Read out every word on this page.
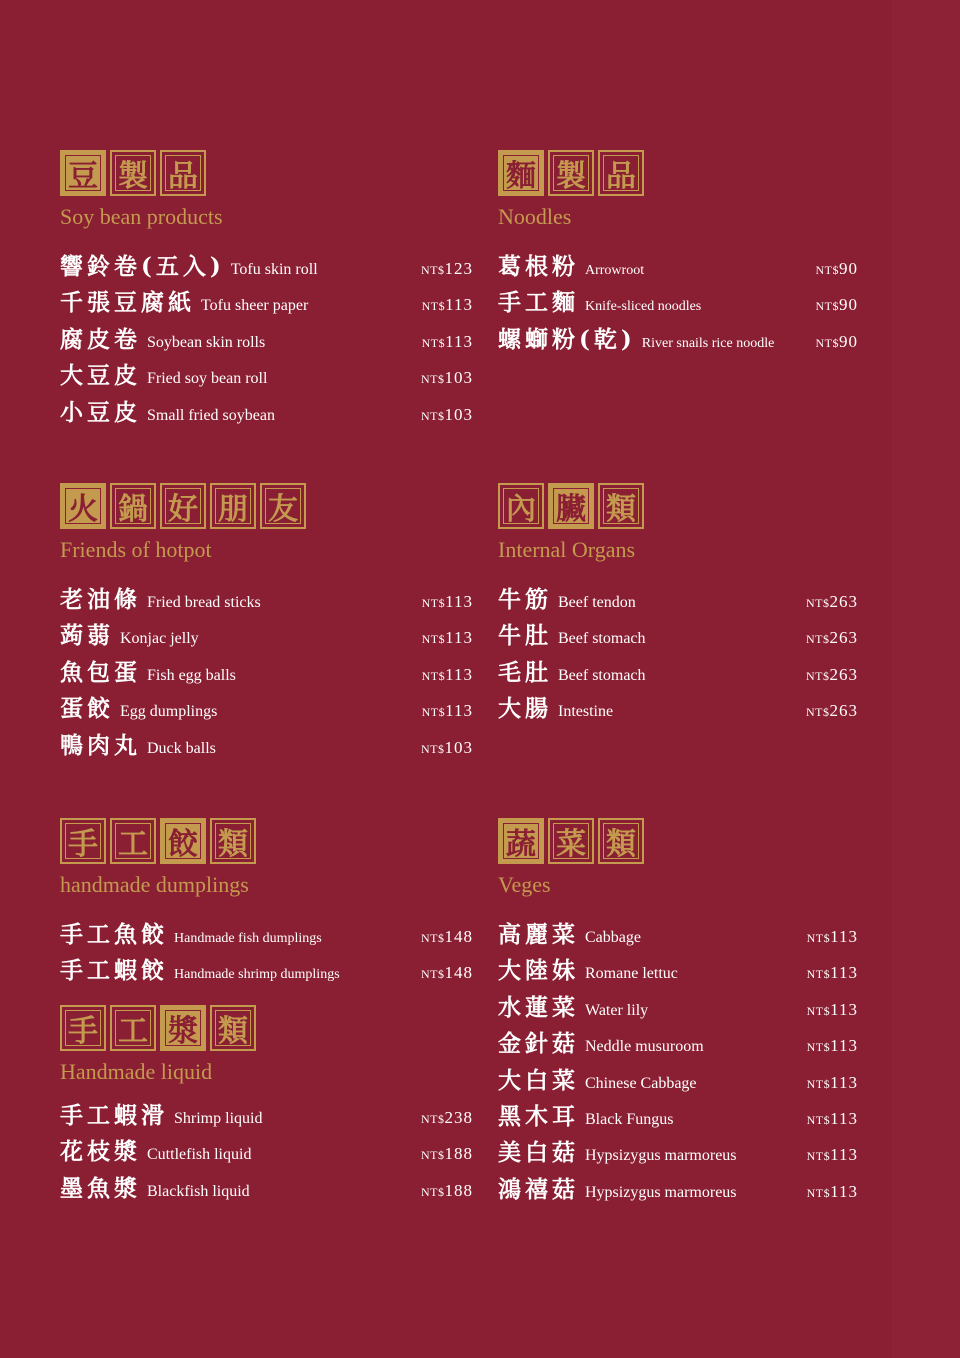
豆 製 品
Soy bean products
響鈴卷(五入) Tofu skin roll	NT$123
千張豆腐紙 Tofu sheer paper	NT$113
腐皮卷 Soybean skin rolls	NT$113
大豆皮 Fried soy bean roll	NT$103
小豆皮 Small fried soybean	NT$103
麵 製 品
Noodles
葛根粉 Arrowroot	NT$90
手工麵 Knife-sliced noodles	NT$90
螺螄粉(乾) River snails rice noodle	NT$90
火 鍋 好 朋 友
Friends of hotpot
老油條 Fried bread sticks	NT$113
蒟蒻 Konjac jelly	NT$113
魚包蛋 Fish egg balls	NT$113
蛋餃 Egg dumplings	NT$113
鴨肉丸 Duck balls	NT$103
內 臟 類
Internal Organs
牛筋 Beef tendon	NT$263
牛肚 Beef stomach	NT$263
毛肚 Beef stomach	NT$263
大腸 Intestine	NT$263
手 工 餃 類
handmade dumplings
手工魚餃 Handmade fish dumplings	NT$148
手工蝦餃 Handmade shrimp dumplings	NT$148
手 工 漿 類
Handmade liquid
手工蝦滑 Shrimp liquid	NT$238
花枝漿 Cuttlefish liquid	NT$188
墨魚漿 Blackfish liquid	NT$188
蔬 菜 類
Veges
高麗菜 Cabbage	NT$113
大陸妹 Romane lettuc	NT$113
水蓮菜 Water lily	NT$113
金針菇 Neddle musuroom	NT$113
大白菜 Chinese Cabbage	NT$113
黑木耳 Black Fungus	NT$113
美白菇 Hypsizygus marmoreus	NT$113
鴻禧菇 Hypsizygus marmoreus	NT$113
